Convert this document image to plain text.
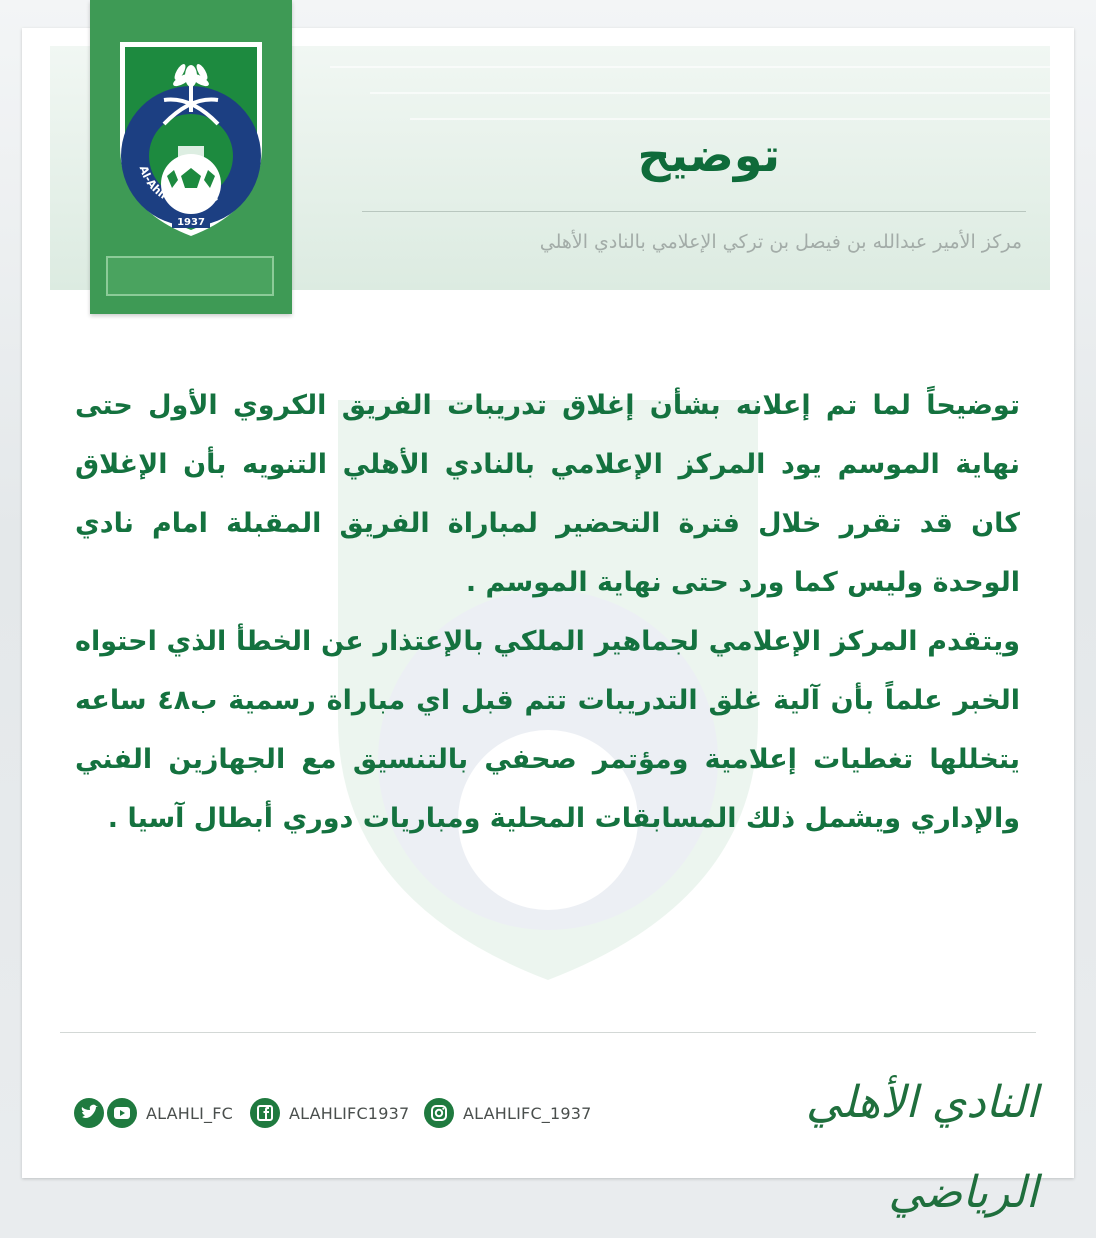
توضيح
مركز الأمير عبدالله بن فيصل بن تركي الإعلامي بالنادي الأهلي
Al-Ahli Saudi FC
1937
توضيحاً لما تم إعلانه بشأن إغلاق تدريبات الفريق الكروي الأول حتى نهاية الموسم يود المركز الإعلامي بالنادي الأهلي التنويه بأن الإغلاق كان قد تقرر خلال فترة التحضير لمباراة الفريق المقبلة امام نادي الوحدة وليس كما ورد حتى نهاية الموسم .
ويتقدم المركز الإعلامي لجماهير الملكي بالإعتذار عن الخطأ الذي احتواه الخبر علماً بأن آلية غلق التدريبات تتم قبل اي مباراة رسمية ب٤٨ ساعه يتخللها تغطيات إعلامية ومؤتمر صحفي بالتنسيق مع الجهازين الفني والإداري ويشمل ذلك المسابقات المحلية ومباريات دوري أبطال آسيا .
ALAHLI_FC	ALAHLIFC1937	ALAHLIFC_1937	النادي الأهلي الرياضي
